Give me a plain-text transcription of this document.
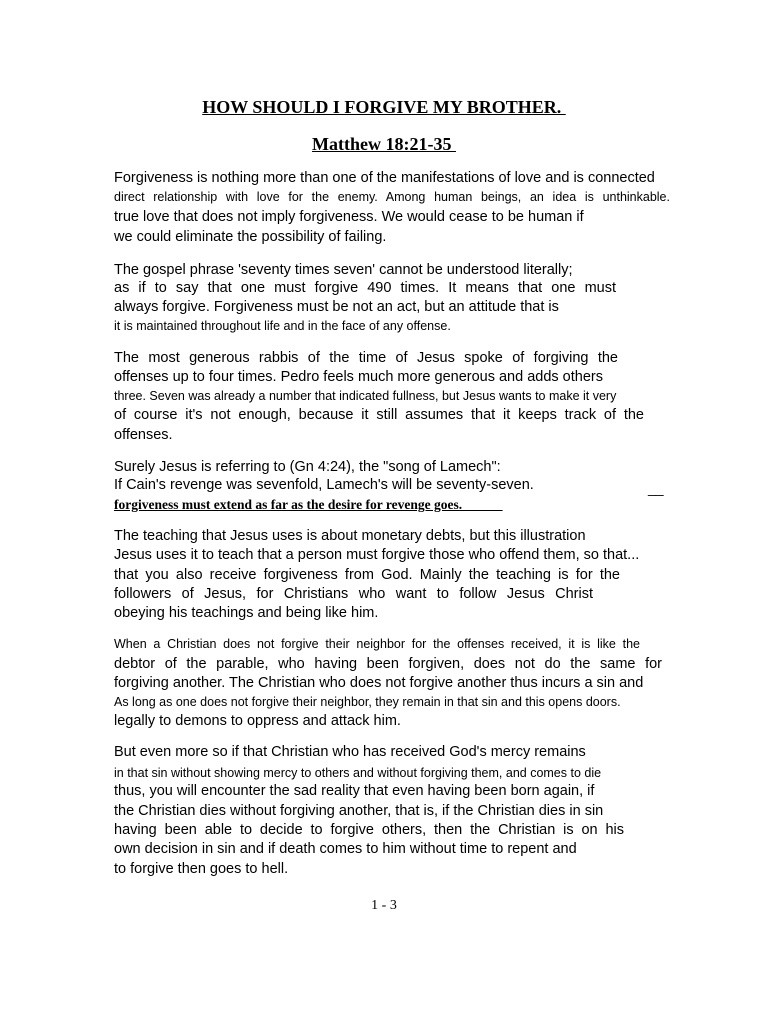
HOW SHOULD I FORGIVE MY BROTHER.
Matthew 18:21-35
Forgiveness is nothing more than one of the manifestations of love and is connected
direct relationship with love for the enemy. Among human beings, an idea is unthinkable.
true love that does not imply forgiveness. We would cease to be human if
we could eliminate the possibility of failing.
The gospel phrase 'seventy times seven' cannot be understood literally;
as if to say that one must forgive 490 times. It means that one must
always forgive. Forgiveness must be not an act, but an attitude that is
it is maintained throughout life and in the face of any offense.
The most generous rabbis of the time of Jesus spoke of forgiving the
offenses up to four times. Pedro feels much more generous and adds others
three. Seven was already a number that indicated fullness, but Jesus wants to make it very
of course it's not enough, because it still assumes that it keeps track of the
offenses.
Surely Jesus is referring to (Gn 4:24), the "song of Lamech":
If Cain's revenge was sevenfold, Lamech's will be seventy-seven.	__
forgiveness must extend as far as the desire for revenge goes.
The teaching that Jesus uses is about monetary debts, but this illustration
Jesus uses it to teach that a person must forgive those who offend them, so that...
that you also receive forgiveness from God. Mainly the teaching is for the
followers of Jesus, for Christians who want to follow Jesus Christ
obeying his teachings and being like him.
When a Christian does not forgive their neighbor for the offenses received, it is like the
debtor of the parable, who having been forgiven, does not do the same for
forgiving another. The Christian who does not forgive another thus incurs a sin and
As long as one does not forgive their neighbor, they remain in that sin and this opens doors.
legally to demons to oppress and attack him.
But even more so if that Christian who has received God's mercy remains
in that sin without showing mercy to others and without forgiving them, and comes to die
thus, you will encounter the sad reality that even having been born again, if
the Christian dies without forgiving another, that is, if the Christian dies in sin
having been able to decide to forgive others, then the Christian is on his
own decision in sin and if death comes to him without time to repent and
to forgive then goes to hell.
1 - 3
